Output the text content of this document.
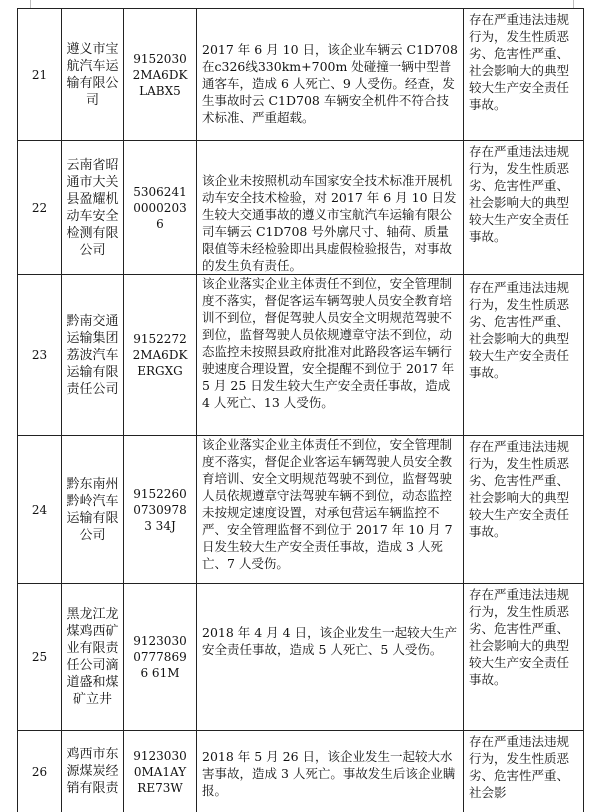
21	遵义市宝航汽车运输有限公司	91520302MA6DKLABX5	2017 年 6 月 10 日，该企业车辆云 C1D708 在c326线330km+700m 处碰撞一辆中型普通客车，造成 6 人死亡、9 人受伤。经查，发生事故时云 C1D708 车辆安全机件不符合技术标准、严重超载。	存在严重违法违规行为，发生性质恶劣、危害性严重、社会影响大的典型较大生产安全责任事故。

22	云南省昭通市大关县盈耀机动车安全检测有限公司	530624100002036	该企业未按照机动车国家安全技术标准开展机动车安全技术检验，对 2017 年 6 月 10 日发生较大交通事故的遵义市宝航汽车运输有限公司车辆云 C1D708 号外廓尺寸、轴荷、质量限值等未经检验即出具虚假检验报告，对事故的发生负有责任。	存在严重违法违规行为，发生性质恶劣、危害性严重、社会影响大的典型较大生产安全责任事故。

23	黔南交通运输集团荔波汽车运输有限责任公司	91522722MA6DKERGXG	该企业落实企业主体责任不到位，安全管理制度不落实，督促客运车辆驾驶人员安全教育培训不到位，督促驾驶人员安全文明规范驾驶不到位，监督驾驶人员依规遵章守法不到位，动态监控未按照县政府批准对此路段客运车辆行驶速度合理设置，安全提醒不到位于 2017 年 5 月 25 日发生较大生产安全责任事故，造成 4 人死亡、13 人受伤。	存在严重违法违规行为，发生性质恶劣、危害性严重、社会影响大的典型较大生产安全责任事故。

24	黔东南州黔岭汽车运输有限公司	915226007309783 34J	该企业落实企业主体责任不到位，安全管理制度不落实，督促企业客运车辆驾驶人员安全教育培训、安全文明规范驾驶不到位，监督驾驶人员依规遵章守法驾驶车辆不到位，动态监控未按规定速度设置，对承包营运车辆监控不严、安全管理监督不到位于 2017 年 10 月 7 日发生较大生产安全责任事故，造成 3 人死亡、7 人受伤。	存在严重违法违规行为，发生性质恶劣、危害性严重、社会影响大的典型较大生产安全责任事故。

25	黑龙江龙煤鸡西矿业有限责任公司滴道盛和煤矿立井	912303007778696 61M	2018 年 4 月 4 日，该企业发生一起较大生产安全责任事故，造成 5 人死亡、5 人受伤。	存在严重违法违规行为，发生性质恶劣、危害性严重、社会影响大的典型较大生产安全责任事故。

26	鸡西市东源煤炭经销有限责	91230300MA1AYRE73W	2018 年 5 月 26 日，该企业发生一起较大水害事故，造成 3 人死亡。事故发生后该企业瞒报。	存在严重违法违规行为，发生性质恶劣、危害性严重、社会影
